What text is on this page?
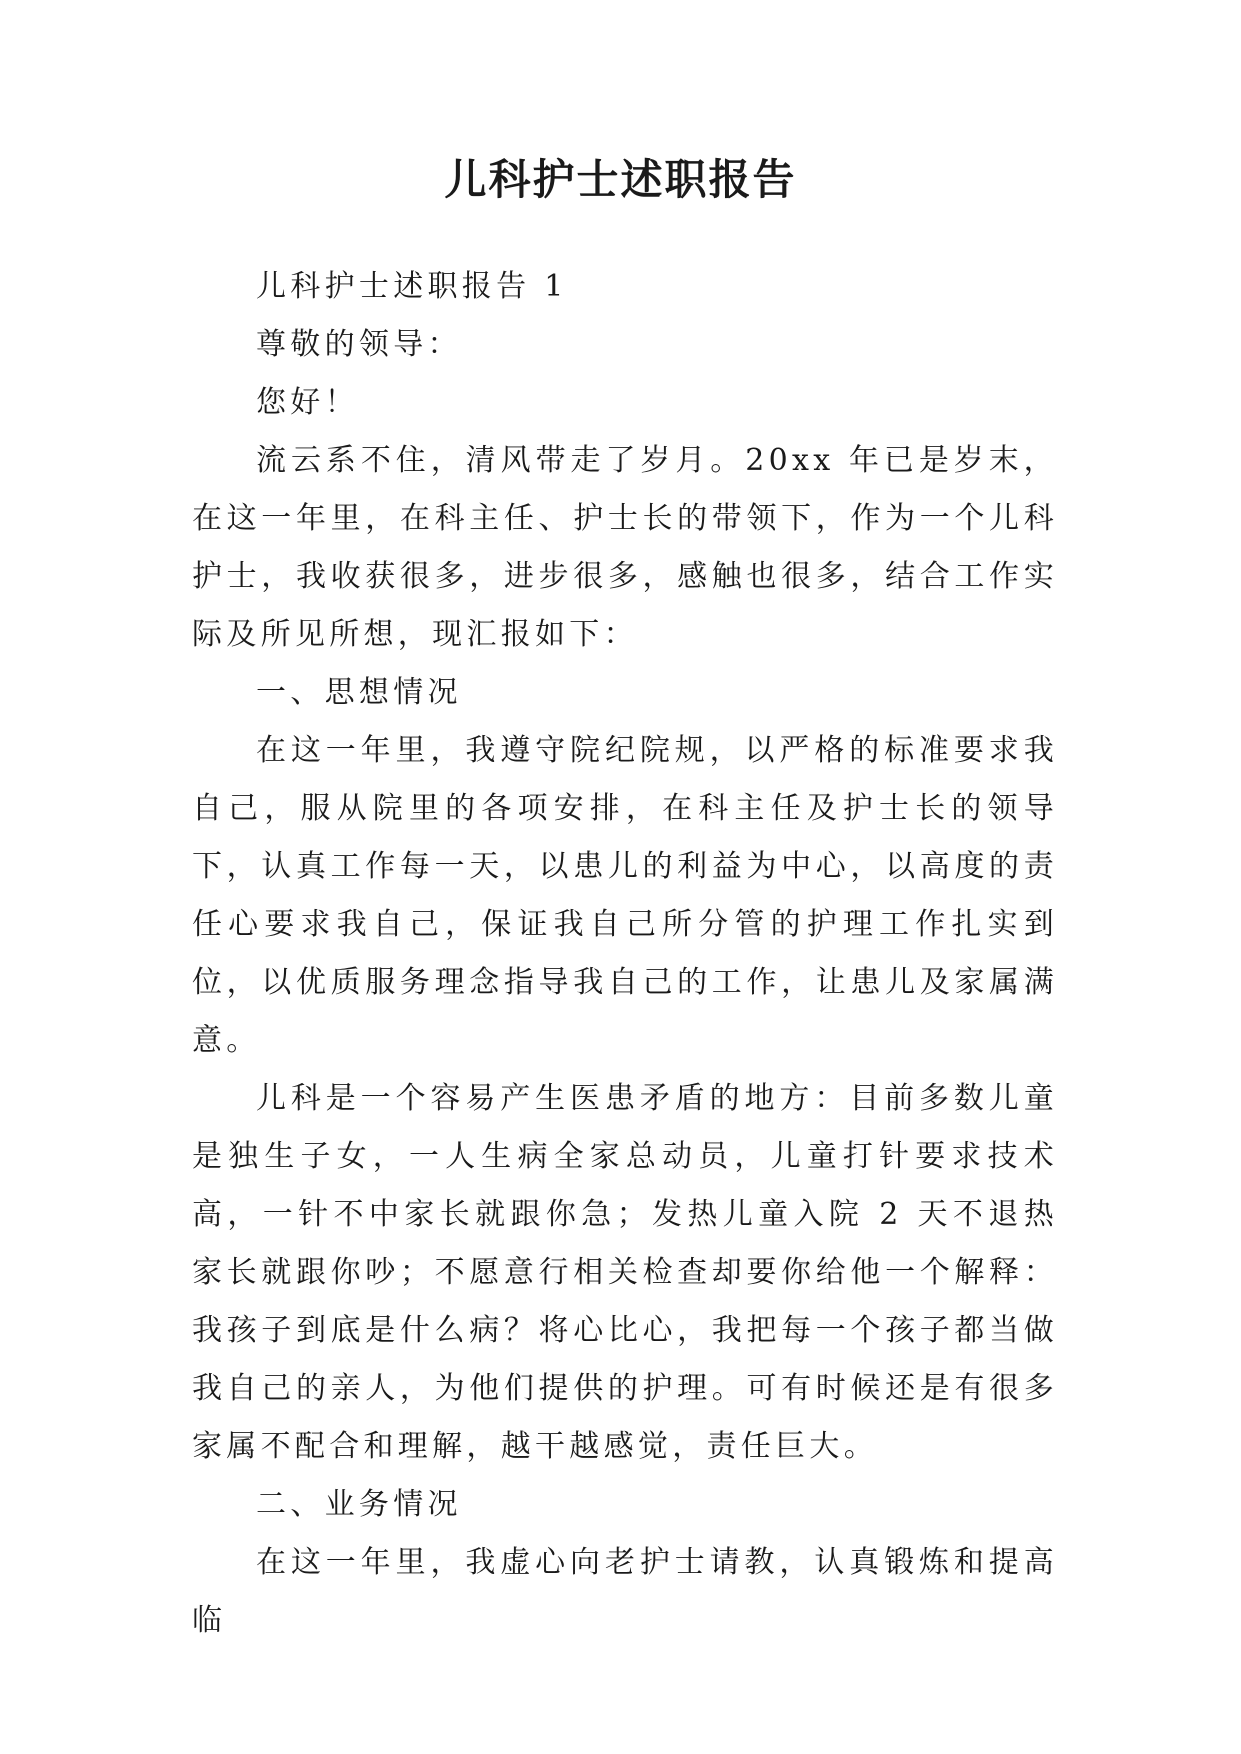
儿科护士述职报告

儿科护士述职报告 1

尊敬的领导：

您好！

流云系不住，清风带走了岁月。20xx 年已是岁末，在这一年里，在科主任、护士长的带领下，作为一个儿科护士，我收获很多，进步很多，感触也很多，结合工作实际及所见所想，现汇报如下：

一、思想情况

在这一年里，我遵守院纪院规，以严格的标准要求我自己，服从院里的各项安排，在科主任及护士长的领导下，认真工作每一天，以患儿的利益为中心，以高度的责任心要求我自己，保证我自己所分管的护理工作扎实到位，以优质服务理念指导我自己的工作，让患儿及家属满意。

儿科是一个容易产生医患矛盾的地方：目前多数儿童是独生子女，一人生病全家总动员，儿童打针要求技术高，一针不中家长就跟你急；发热儿童入院 2 天不退热家长就跟你吵；不愿意行相关检查却要你给他一个解释：我孩子到底是什么病？将心比心，我把每一个孩子都当做我自己的亲人，为他们提供的护理。可有时候还是有很多家属不配合和理解，越干越感觉，责任巨大。

二、业务情况

在这一年里，我虚心向老护士请教，认真锻炼和提高临
